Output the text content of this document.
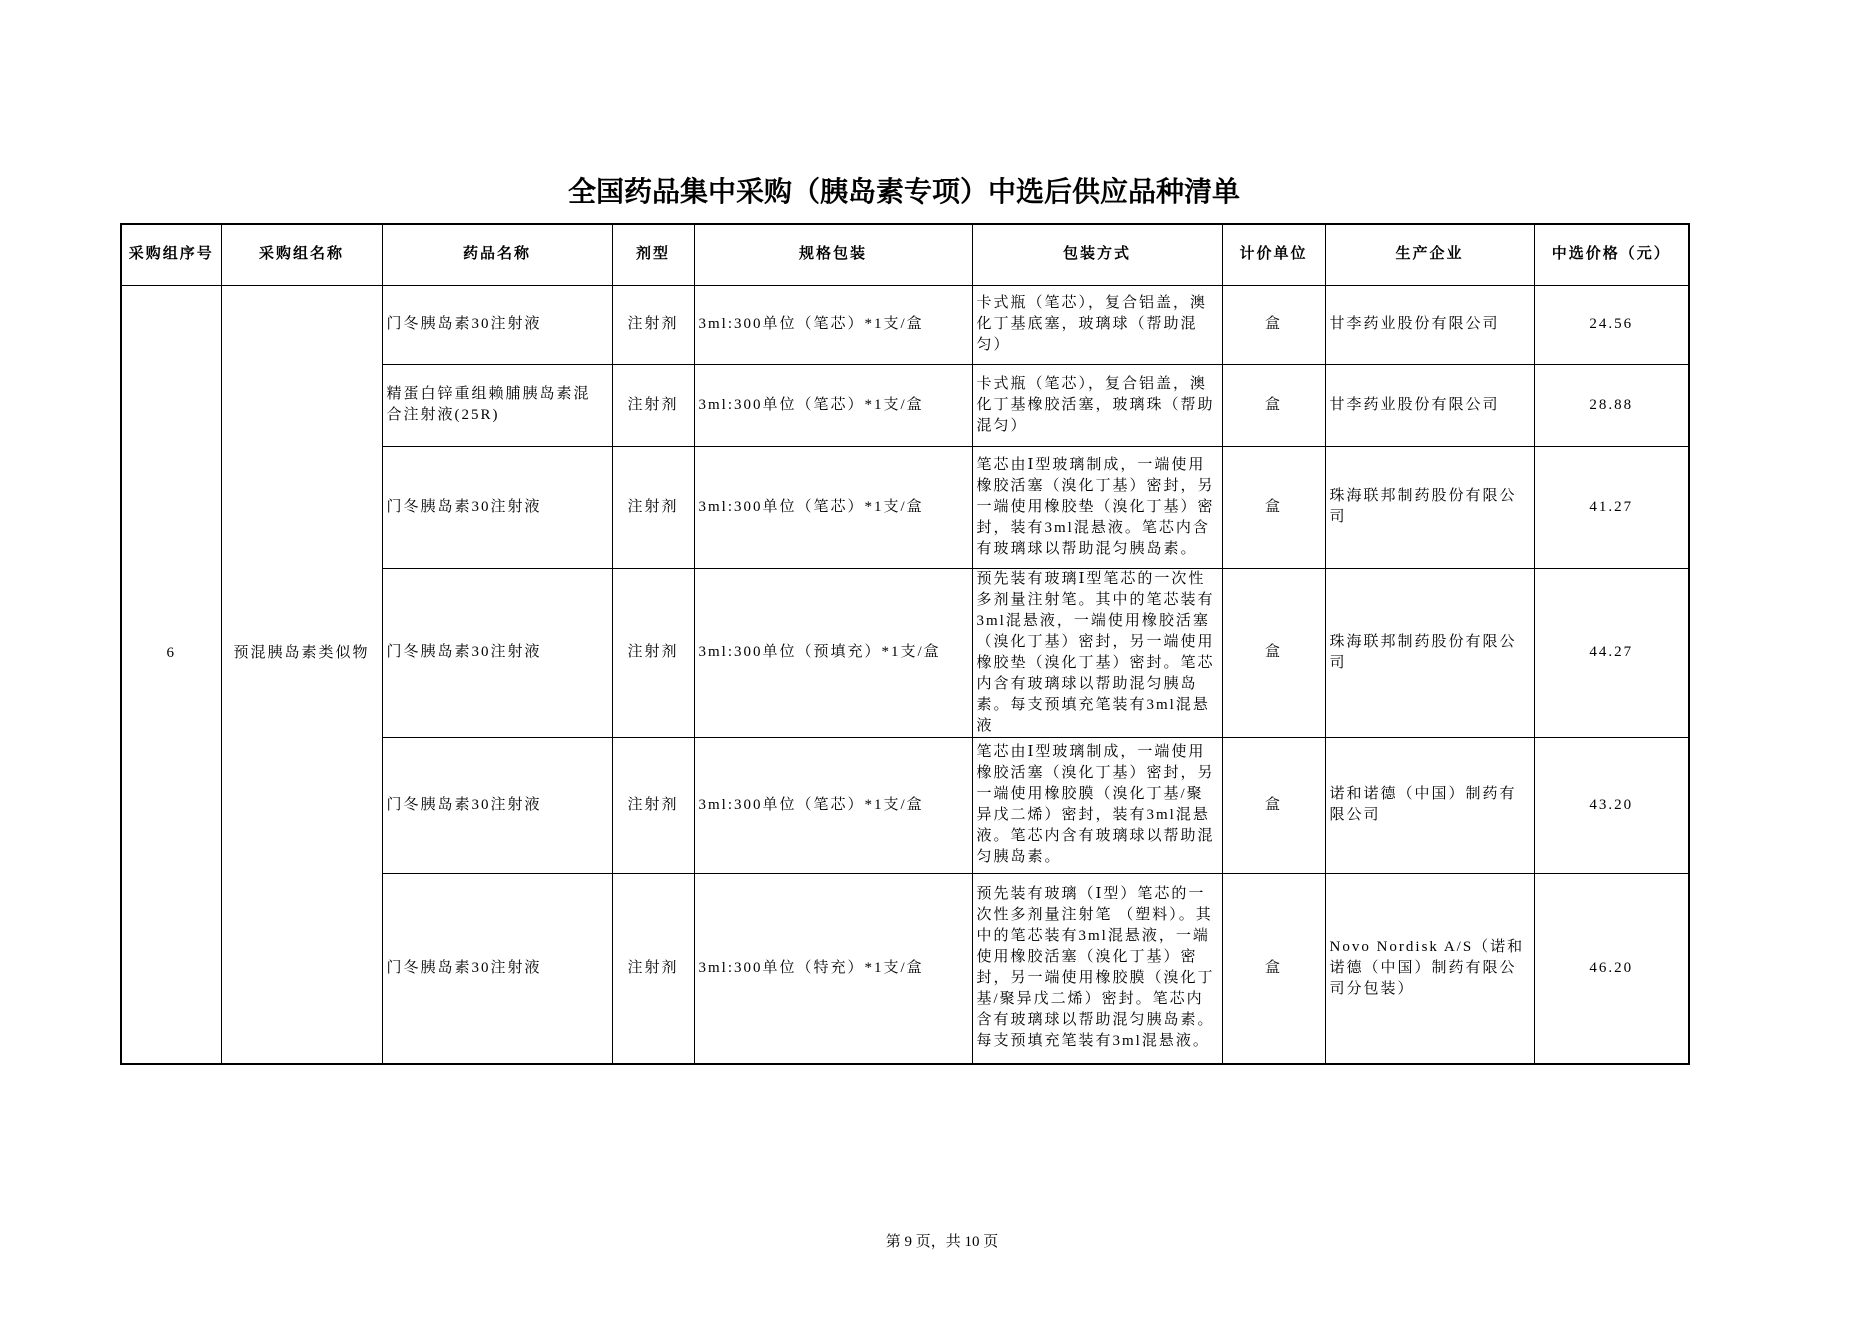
全国药品集中采购（胰岛素专项）中选后供应品种清单
采购组序号	采购组名称	药品名称	剂型	规格包装	包装方式	计价单位	生产企业	中选价格（元）
6	预混胰岛素类似物	门冬胰岛素30注射液	注射剂	3ml:300单位（笔芯）*1支/盒	卡式瓶（笔芯），复合铝盖，澳化丁基底塞，玻璃球（帮助混匀）	盒	甘李药业股份有限公司	24.56
		精蛋白锌重组赖脯胰岛素混合注射液(25R)	注射剂	3ml:300单位（笔芯）*1支/盒	卡式瓶（笔芯），复合铝盖，澳化丁基橡胶活塞，玻璃珠（帮助混匀）	盒	甘李药业股份有限公司	28.88
		门冬胰岛素30注射液	注射剂	3ml:300单位（笔芯）*1支/盒	笔芯由Ⅰ型玻璃制成，一端使用橡胶活塞（溴化丁基）密封，另一端使用橡胶垫（溴化丁基）密封，装有3ml混悬液。笔芯内含有玻璃球以帮助混匀胰岛素。	盒	珠海联邦制药股份有限公司	41.27
		门冬胰岛素30注射液	注射剂	3ml:300单位（预填充）*1支/盒	预先装有玻璃Ⅰ型笔芯的一次性多剂量注射笔。其中的笔芯装有3ml混悬液，一端使用橡胶活塞（溴化丁基）密封，另一端使用橡胶垫（溴化丁基）密封。笔芯内含有玻璃球以帮助混匀胰岛素。每支预填充笔装有3ml混悬液	盒	珠海联邦制药股份有限公司	44.27
		门冬胰岛素30注射液	注射剂	3ml:300单位（笔芯）*1支/盒	笔芯由Ⅰ型玻璃制成，一端使用橡胶活塞（溴化丁基）密封，另一端使用橡胶膜（溴化丁基/聚异戊二烯）密封，装有3ml混悬液。笔芯内含有玻璃球以帮助混匀胰岛素。	盒	诺和诺德（中国）制药有限公司	43.20
		门冬胰岛素30注射液	注射剂	3ml:300单位（特充）*1支/盒	预先装有玻璃（Ⅰ型）笔芯的一次性多剂量注射笔 （塑料）。其中的笔芯装有3ml混悬液，一端使用橡胶活塞（溴化丁基）密封，另一端使用橡胶膜（溴化丁基/聚异戊二烯）密封。笔芯内含有玻璃球以帮助混匀胰岛素。每支预填充笔装有3ml混悬液。	盒	Novo Nordisk A/S（诺和诺德（中国）制药有限公司分包装）	46.20
第 9 页，共 10 页
